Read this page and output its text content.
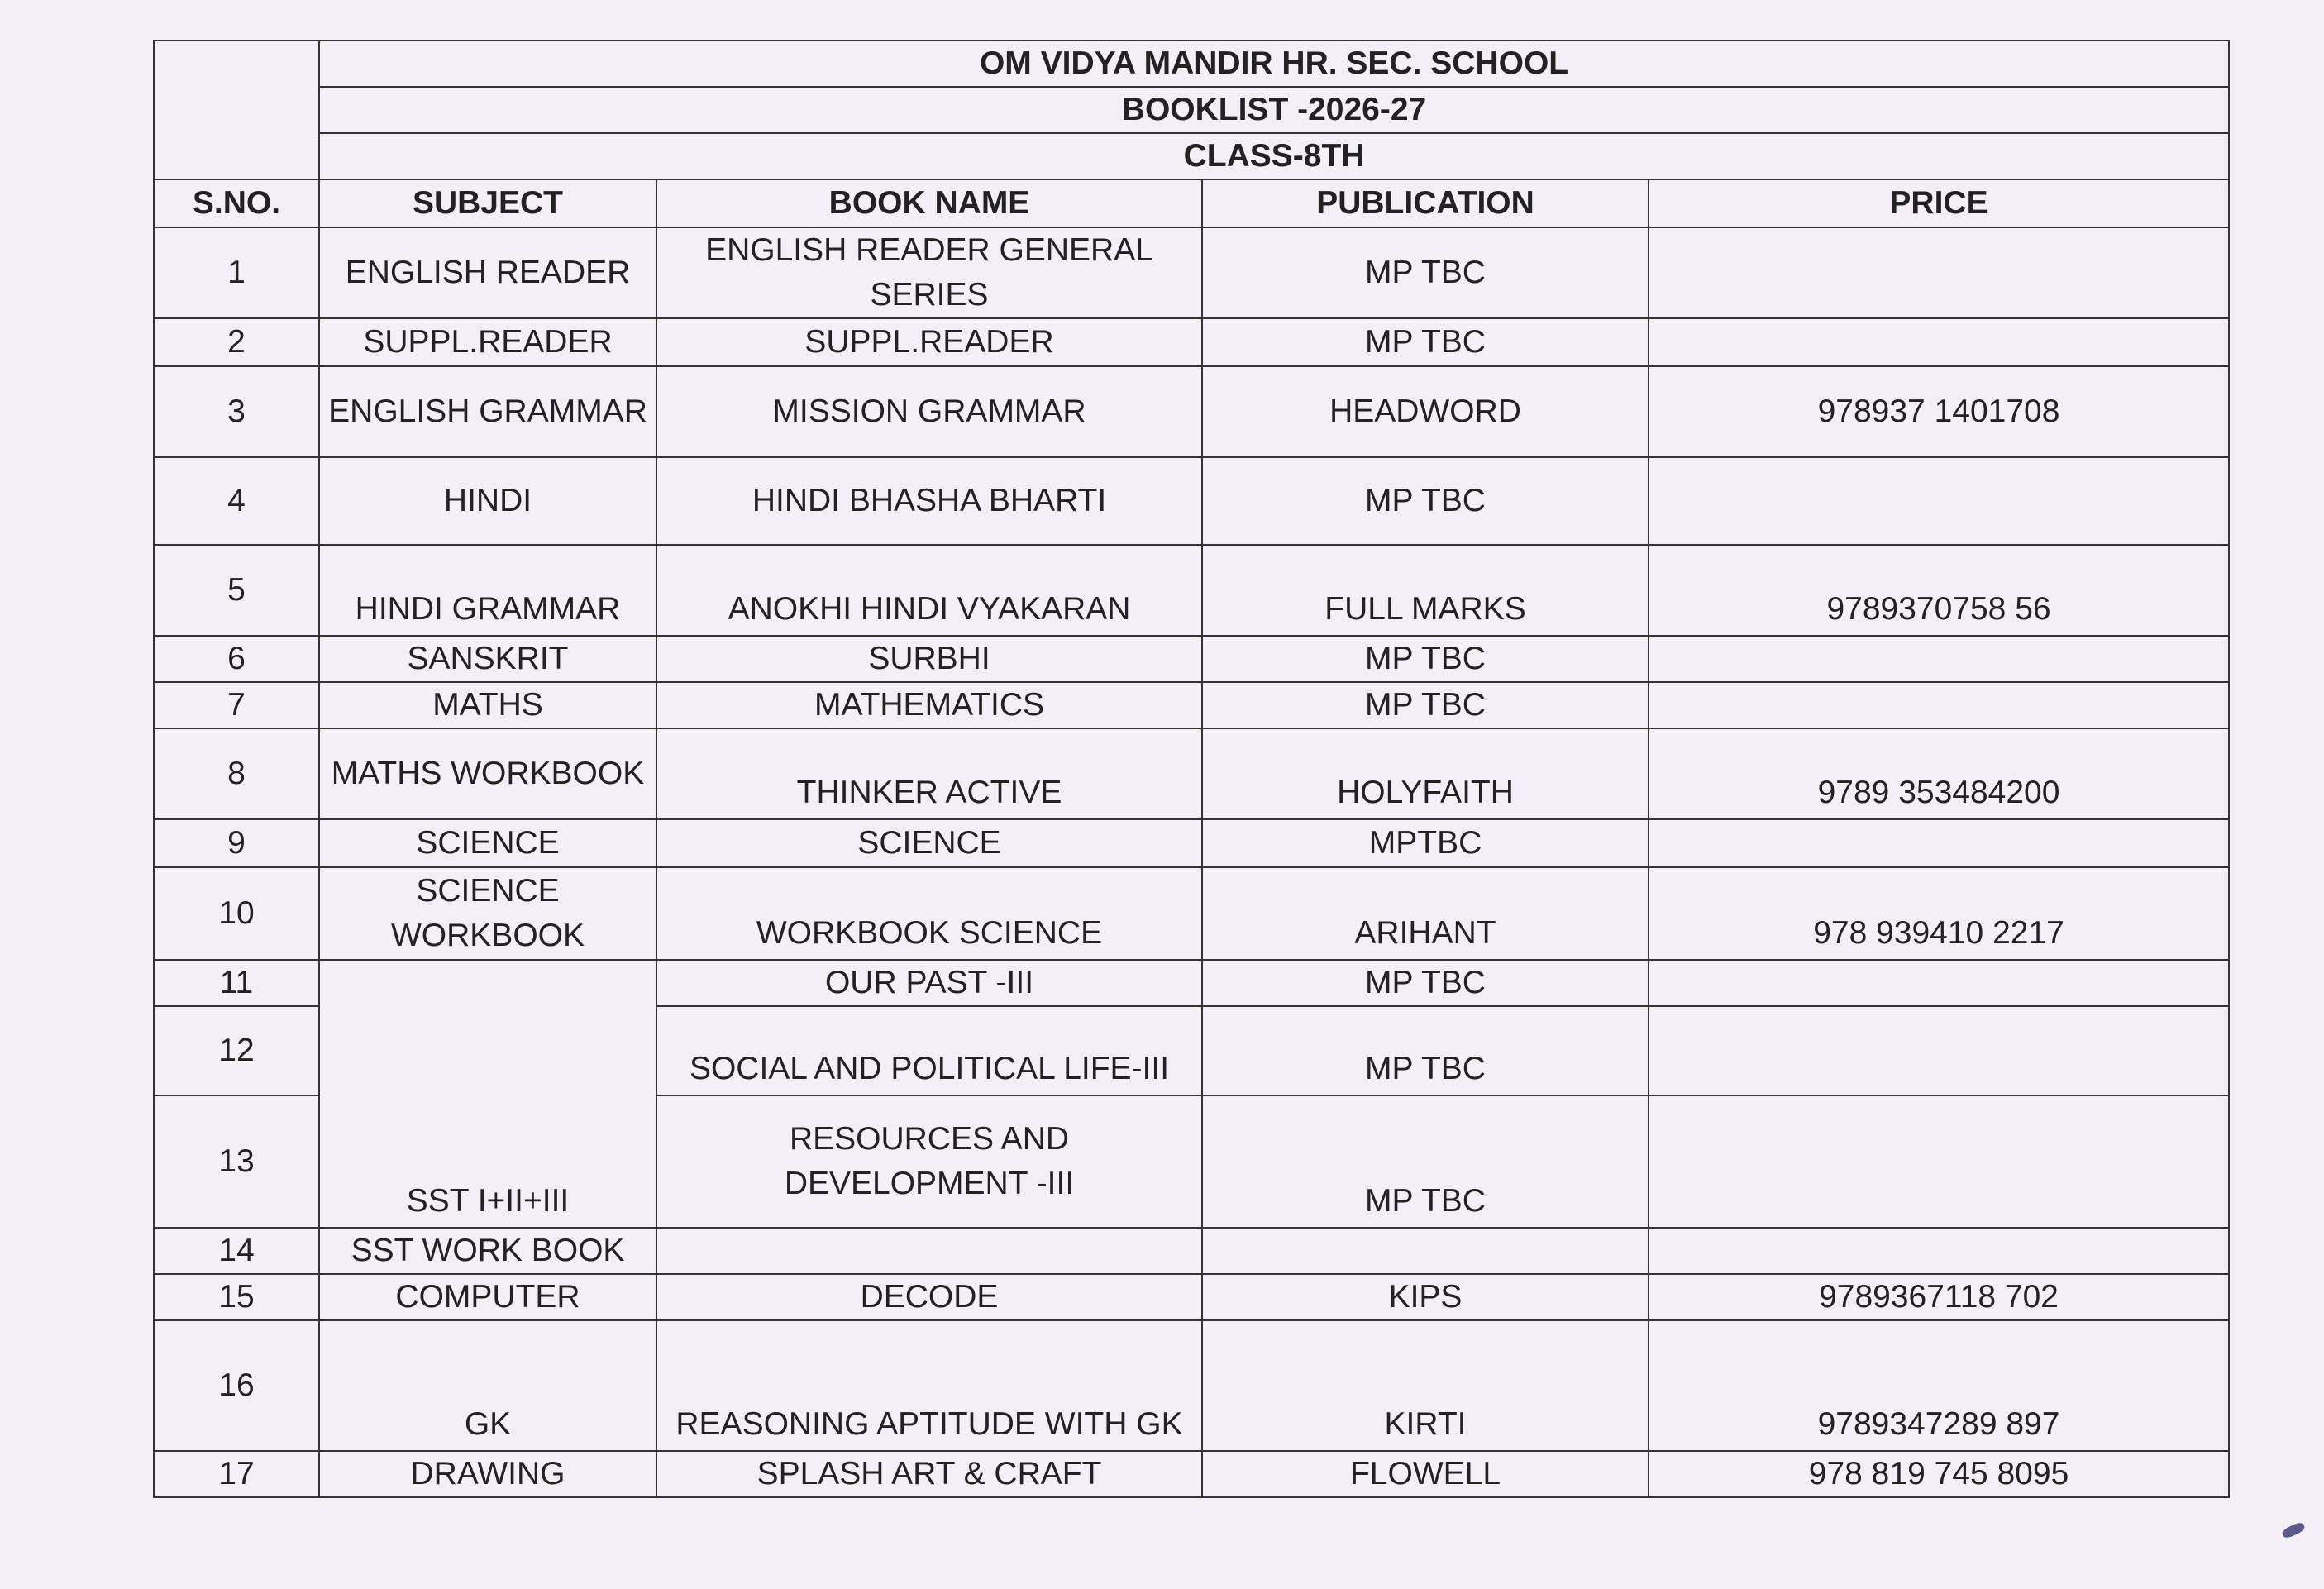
	OM VIDYA MANDIR HR. SEC. SCHOOL			
	BOOKLIST -2026-27			
	CLASS-8TH			
S.NO.	SUBJECT	BOOK NAME	PUBLICATION	PRICE
1	ENGLISH READER	ENGLISH READER GENERAL SERIES	MP TBC	
2	SUPPL.READER	SUPPL.READER	MP TBC	
3	ENGLISH GRAMMAR	MISSION GRAMMAR	HEADWORD	978937 1401708
4	HINDI	HINDI BHASHA BHARTI	MP TBC	
5	HINDI GRAMMAR	ANOKHI HINDI VYAKARAN	FULL MARKS	9789370758 56
6	SANSKRIT	SURBHI	MP TBC	
7	MATHS	MATHEMATICS	MP TBC	
8	MATHS WORKBOOK	THINKER ACTIVE	HOLYFAITH	9789 353484200
9	SCIENCE	SCIENCE	MPTBC	
10	SCIENCE WORKBOOK	WORKBOOK SCIENCE	ARIHANT	978 939410 2217
11	SST I+II+III	OUR PAST -III	MP TBC	
12		SOCIAL AND POLITICAL LIFE-III	MP TBC	
13		RESOURCES AND DEVELOPMENT -III	MP TBC	
14	SST WORK BOOK			
15	COMPUTER	DECODE	KIPS	9789367118 702
16	GK	REASONING APTITUDE WITH GK	KIRTI	9789347289 897
17	DRAWING	SPLASH ART & CRAFT	FLOWELL	978 819 745 8095
